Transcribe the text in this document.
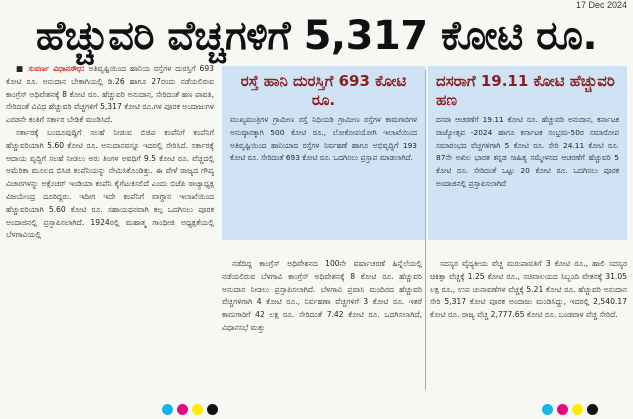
17 Dec 2024
ಹೆಚ್ಚುವರಿ ವೆಚ್ಚಗಳಿಗೆ 5,317 ಕೋಟಿ ರೂ.

■ ಸುವರ್ಣ ವಿಧಾನಸೌಧ: ಅತಿವೃಷ್ಟಿಯಿಂದ ಹಾನಿಯ ರಸ್ತೆಗಳ ದುರಸ್ತಿಗೆ 693 ಕೋಟಿ ರೂ. ಅನುದಾನ ಬೇಕಾಗಿಯಲ್ಲಿ ಡಿ.26 ಹಾಗೂ 27ರಂದು ನಡೆಯಲಿರುವ ಕಾಂಗ್ರೆಸ್ ಅಧಿವೇಶನಕ್ಕೆ 8 ಕೋಟಿ ರೂ. ಹೆಚ್ಚುವರಿ ಅನುದಾನ, ಸೇರಿದಂತೆ ಹಣ ಪಾವತಿ, ಸೇರಿದಂತೆ ವಿವಿಧ ಹೆಚ್ಚುವರಿ ವೆಚ್ಚಗಳಿಗೆ 5,317 ಕೋಟಿ ರೂ.ಗಳ ಪೂರಕ ಅಂದಾಜುಗಳ ಎರಡನೇ ಕಂತಿಗೆ ಸರ್ಕಾರ ಬೇಡಿಕೆ ಮಂಡಿಸಿದೆ.

ಸರ್ಕಾರಕ್ಕೆ ಬಂದೂವುದ್ದಿಗೆ ಸಲಹೆ ನೀಡುವ ಬಿಜಿಪ ಕಂಪೆನಿಗೆ ಕಂಪೆನಿಗೆ ಹೆಚ್ಚುವರಿಯಾಗಿ 5.60 ಕೋಟಿ ರೂ. ಅನುದಾನವನ್ನೂ ಇದರಲ್ಲಿ ಸೇರಿಸಿದೆ. ಸರ್ಕಾರಕ್ಕೆ ಆದಾಯ ವೃದ್ಧಿಗೆ ಸಲಹೆ ನೀಡಲು ಅರು ತಿಂಗಳ ಅವಧಿಗೆ 9.5 ಕೋಟಿ ರೂ. ವೆಚ್ಚದಲ್ಲಿ ಅಮೆರಿಕಾ ಮೂಲದ ಬಿಸಿಜಿ ಕಂಪೆನಿಯನ್ನು ನೇಮಿಸಿಕೊಂಡಿತ್ತು. ಈ ವೇಳೆ ರಾಜ್ಯದ ಗೌಪ್ಯ ವಿಚಾರಗಳನ್ನು ಅಕ್ಸೆಂಚರ್ ಇಂಡಿಯಾ ಕಂಪೆನಿ ಕೈಗೆಟುಕಿಸಲಿದೆ ಎಂದು ಬಿಜೆಪಿ ರಾಜ್ಯಾಧ್ಯಕ್ಷ ವಿಜಯೇಂದ್ರ ದೂರಿದ್ದರು. ಇದೀಗ ಇದೇ ಕಂಪೆನಿಗೆ ವಾಗ್ದಾನ ಇಲಾಖೆಯಿಂದ ಹೆಚ್ಚುವರಿಯಾಗಿ 5.60 ಕೋಟಿ ರೂ. ಸಹಾಯಧನವಾಗಿ ಕಲ್ಪ ಒದಗಿಸಲು ಪೂರಕ ಅಂದಾಜಿನಲ್ಲಿ ಪ್ರಸ್ತಾಪಿಸಲಾಗಿದೆ. 1924ರಲ್ಲಿ ಮಹಾತ್ಮ ಗಾಂಧೀಜಿ ಅಧ್ಯಕ್ಷತೆಯಲ್ಲಿ ಬೆಳಗಾವಿಯಲ್ಲಿ

ರಸ್ತೆ ಹಾನಿ ದುರಸ್ತಿಗೆ 693 ಕೋಟಿ ರೂ.
ಮುಖ್ಯಮಂತ್ರಿಗಳ ಗ್ರಾಮೀಣ ರಸ್ತೆ ನಿಧಿಯಡಿ ಗ್ರಾಮೀಣ ರಸ್ತೆಗಳ ಕಾಮಗಾರಿಗಳ ಅನುಷ್ಠಾನಕ್ಕಾಗಿ 500 ಕೋಟಿ ರೂ., ಲೋಕೋಪಯೋಗಿ ಇಲಾಖೆಯಿಂದ ಅತಿವೃಷ್ಟಿಯಿಂದ ಹಾನಿಯಾದ ರಸ್ತೆಗಳ ನಿರ್ವಹಣೆ ಹಾಗೂ ಅಭಿವೃದ್ಧಿಗೆ 193 ಕೋಟಿ ರೂ. ಸೇರಿದಂತೆ 693 ಕೋಟಿ ರೂ. ಒದಗಿಸಲು ಪ್ರಸ್ತಾಪ ಮಾಡಲಾಗಿದೆ.
ದಸರಾಗೆ 19.11 ಕೋಟಿ ಹೆಚ್ಚುವರಿ ಹಣ
ದಸರಾ ಆಚರಣೆಗೆ 19.11 ಕೋಟಿ ರೂ. ಹೆಚ್ಚುವರಿ ಅನುದಾನ, ಕರ್ನಾಟಕ ರಾಜ್ಯೋತ್ಸವ -2024 ಹಾಗೂ ಕರ್ನಾಟಕ ಸಂಭ್ರಮ-50ರ ಸಮಾರೋಪ ಸಮಾರಂಭದ ವೆಚ್ಚಗಳಿಗಾಗಿ 5 ಕೋಟಿ ರೂ. ಸೇರಿ 24.11 ಕೋಟಿ ರೂ. 87ನೇ ಅಖಿಲ ಭಾರತ ಕನ್ನಡ ಸಾಹಿತ್ಯ ಸಮ್ಮೇಳನದ ಆಚರಣೆಗೆ ಹೆಚ್ಚುವರಿ 5 ಕೋಟಿ ರೂ. ಸೇರಿದಂತೆ ಒಟ್ಟು 20 ಕೋಟಿ ರೂ. ಒದಗಿಸಲು ಪೂರಕ ಅಂದಾಜಿನಲ್ಲಿ ಪ್ರಸ್ತಾಪಿಸಲಾಗಿದೆ

ನಡೆದಿದ್ದ ಕಾಂಗ್ರೆಸ್ ಅಧಿವೇಶನದ 100ನೇ ವರ್ಷಾಚರಣೆ ಹಿನ್ನೆಲೆಯಲ್ಲಿ ನಡೆಯಲಿರುವ ಬೆಳಗಾವಿ ಕಾಂಗ್ರೆಸ್ ಅಧಿವೇಶನಕ್ಕೆ 8 ಕೋಟಿ ರೂ. ಹೆಚ್ಚುವರಿ ಅನುದಾನ ನೀಡಲು ಪ್ರಸ್ತಾಪಿಸಲಾಗಿದೆ. ಬೆಳಗಾವಿ ಪ್ರವಾಸಿ ಮಂದಿರದ ಹೆಚ್ಚುವರಿ ವೆಚ್ಚಗಳಿಗಾಗಿ 4 ಕೋಟಿ ರೂ., ನಿರ್ವಹಣಾ ವೆಚ್ಚಗಳಿಗೆ 3 ಕೋಟಿ ರೂ. ಇತರೆ ಕಾಮಗಾರಿಗೆ 42 ಲಕ್ಷ ರೂ. ಸೇರಿದಂತೆ 7.42 ಕೋಟಿ ರೂ. ಒದಗಿಸಲಾಗಿದೆ, ವಿಧಾನಸಭೆ ಮತ್ತು

ಸದಸ್ಯರ ವೈದ್ಯಕೀಯ ವೆಚ್ಚ ಮರುಪಾವತಿಗೆ 3 ಕೋಟಿ ರೂ., ಹಾಲಿ ಸದಸ್ಯರ ಚಿಕಿತ್ಸಾ ವೆಚ್ಚಕ್ಕೆ 1.25 ಕೋಟಿ ರೂ., ಸಚಿವಾಲಯದ ಸಿಬ್ಬಂದಿ ವೇತನಕ್ಕೆ 31.05 ಲಕ್ಷ ರೂ., ಉಪ ಚುನಾವಣೆಗಳ ವೆಚ್ಚಕ್ಕೆ 5.21 ಕೋಟಿ ರೂ. ಹೆಚ್ಚುವರಿ ಅನುದಾನ ಸೇರಿ 5,317 ಕೋಟಿ ಪೂರಕ ಅಂದಾಜು ಮಂಡಿಸಿದ್ದು, ಇದರಲ್ಲಿ 2,540.17 ಕೋಟಿ ರೂ. ರಾಜ್ಯ ವೆಚ್ಚ 2,777.65 ಕೋಟಿ ರೂ. ಬಂಡವಾಳ ವೆಚ್ಚ ಸೇರಿದೆ.
